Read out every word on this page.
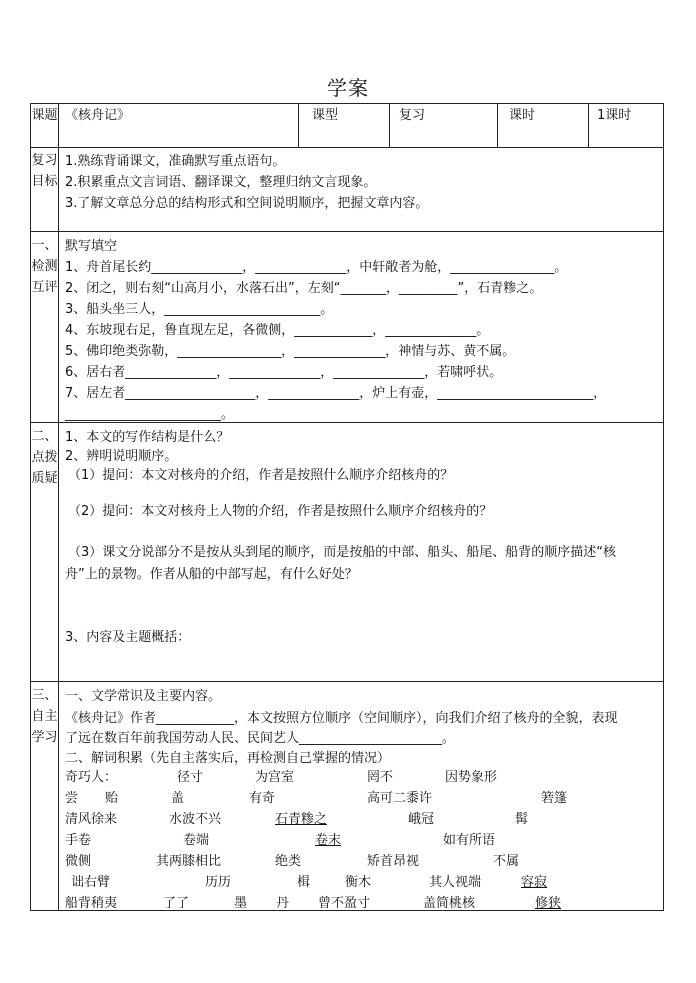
学案
课题 《核舟记》	课型	复习	课时	1课时
复习目标
1.熟练背诵课文，准确默写重点语句。
2.积累重点文言词语、翻译课文，整理归纳文言现象。
3.了解文章总分总的结构形式和空间说明顺序，把握文章内容。
一、检测互评
默写填空
1、舟首尾长约______________，______________，中轩敞者为舱，________________。
2、闭之，则右刻“山高月小，水落石出”，左刻“_______，_________”，石青糁之。
3、船头坐三人，________________________。
4、东坡现右足，鲁直现左足，各微侧，____________，______________。
5、佛印绝类弥勒，________________，______________，神情与苏、黄不属。
6、居右者______________，______________，______________，若啸呼状。
7、居左者____________________，______________，炉上有壶，________________________，
________________________。
二、点拨质疑
1、本文的写作结构是什么？
2、辨明说明顺序。
（1）提问：本文对核舟的介绍，作者是按照什么顺序介绍核舟的？
（2）提问：本文对核舟上人物的介绍，作者是按照什么顺序介绍核舟的？
（3）课文分说部分不是按从头到尾的顺序，而是按船的中部、船头、船尾、船背的顺序描述“核
舟”上的景物。作者从船的中部写起，有什么好处？
3、内容及主题概括：
三、自主学习
一、文学常识及主要内容。
《核舟记》作者____________，本文按照方位顺序（空间顺序），向我们介绍了核舟的全貌，表现
了远在数百年前我国劳动人民、民间艺人______________________。
二、解词积累（先自主落实后，再检测自己掌握的情况）
奇巧人：	径寸	为宫室	罔不	因势象形
尝 贻	盖	有奇	高可二黍许	箬篷
清风徐来	水波不兴	石青糁之	峨冠	髯
手卷	卷端	卷末	如有所语
微侧	其两膝相比	绝类	矫首昂视	不属
诎右臂	历历	楫	衡木	其人视端	容寂
船背稍夷	了了	墨 丹 曾不盈寸	盖简桃核	修狭
